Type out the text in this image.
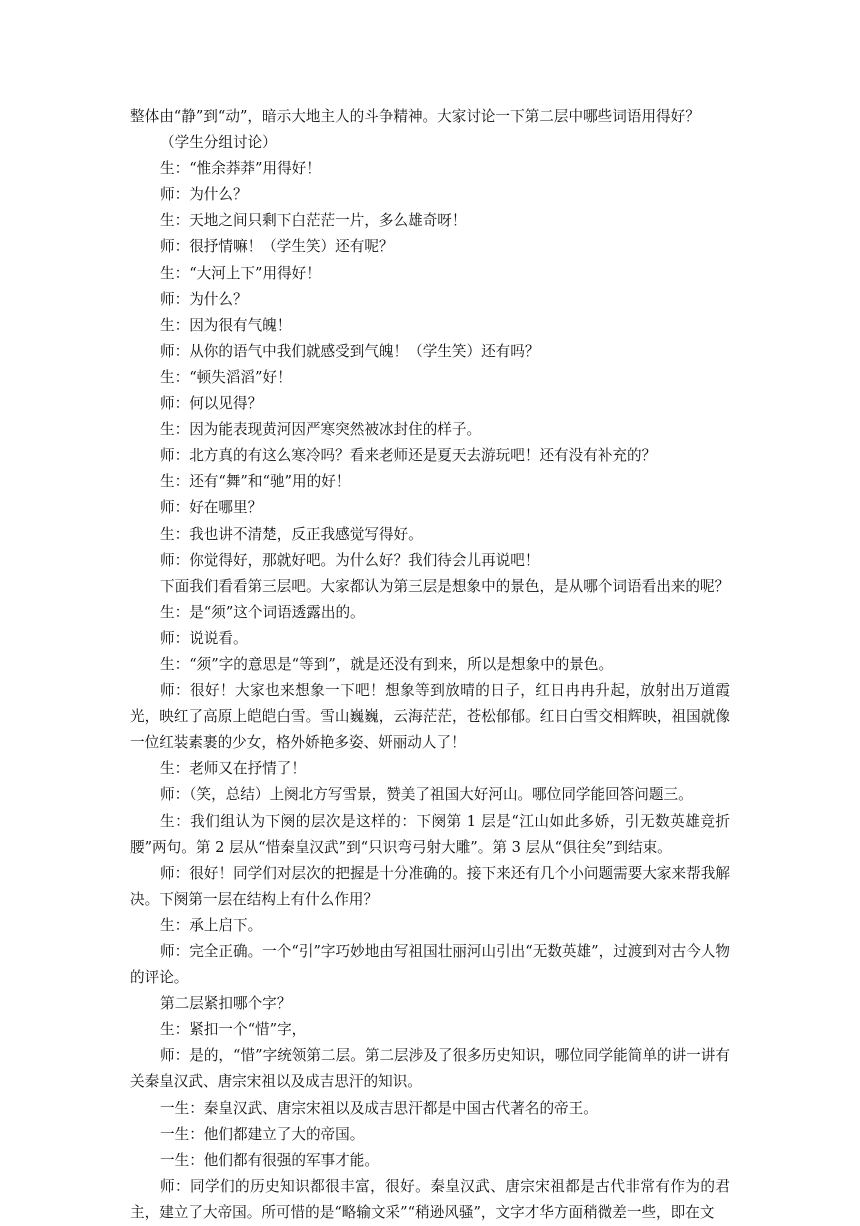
整体由“静”到“动”，暗示大地主人的斗争精神。大家讨论一下第二层中哪些词语用得好？

（学生分组讨论）

生：“惟余莽莽”用得好！

师：为什么？

生：天地之间只剩下白茫茫一片，多么雄奇呀！

师：很抒情嘛！（学生笑）还有呢？

生：“大河上下”用得好！

师：为什么？

生：因为很有气魄！

师：从你的语气中我们就感受到气魄！（学生笑）还有吗？

生：“顿失滔滔”好！

师：何以见得？

生：因为能表现黄河因严寒突然被冰封住的样子。

师：北方真的有这么寒冷吗？看来老师还是夏天去游玩吧！还有没有补充的？

生：还有“舞”和“驰”用的好！

师：好在哪里？

生：我也讲不清楚，反正我感觉写得好。

师：你觉得好，那就好吧。为什么好？我们待会儿再说吧！

下面我们看看第三层吧。大家都认为第三层是想象中的景色，是从哪个词语看出来的呢？

生：是“须”这个词语透露出的。

师：说说看。

生：“须”字的意思是“等到”，就是还没有到来，所以是想象中的景色。

师：很好！大家也来想象一下吧！想象等到放晴的日子，红日冉冉升起，放射出万道霞光，映红了高原上皑皑白雪。雪山巍巍，云海茫茫，苍松郁郁。红日白雪交相辉映，祖国就像一位红装素裹的少女，格外娇艳多姿、妍丽动人了！

生：老师又在抒情了！

师：（笑，总结）上阕北方写雪景，赞美了祖国大好河山。哪位同学能回答问题三。

生：我们组认为下阕的层次是这样的：下阕第 1 层是“江山如此多娇，引无数英雄竞折腰”两句。第 2 层从“惜秦皇汉武”到“只识弯弓射大雕”。第 3 层从“俱往矣”到结束。

师：很好！同学们对层次的把握是十分准确的。接下来还有几个小问题需要大家来帮我解决。下阕第一层在结构上有什么作用？

生：承上启下。

师：完全正确。一个“引”字巧妙地由写祖国壮丽河山引出“无数英雄”，过渡到对古今人物的评论。

第二层紧扣哪个字？

生：紧扣一个“惜”字，

师：是的，“惜”字统领第二层。第二层涉及了很多历史知识，哪位同学能简单的讲一讲有关秦皇汉武、唐宗宋祖以及成吉思汗的知识。

一生：秦皇汉武、唐宗宋祖以及成吉思汗都是中国古代著名的帝王。

一生：他们都建立了大的帝国。

一生：他们都有很强的军事才能。

师：同学们的历史知识都很丰富，很好。秦皇汉武、唐宗宋祖都是古代非常有作为的君主，建立了大帝国。所可惜的是“略输文采”“稍逊风骚”，文字才华方面稍微差一些，即在文
